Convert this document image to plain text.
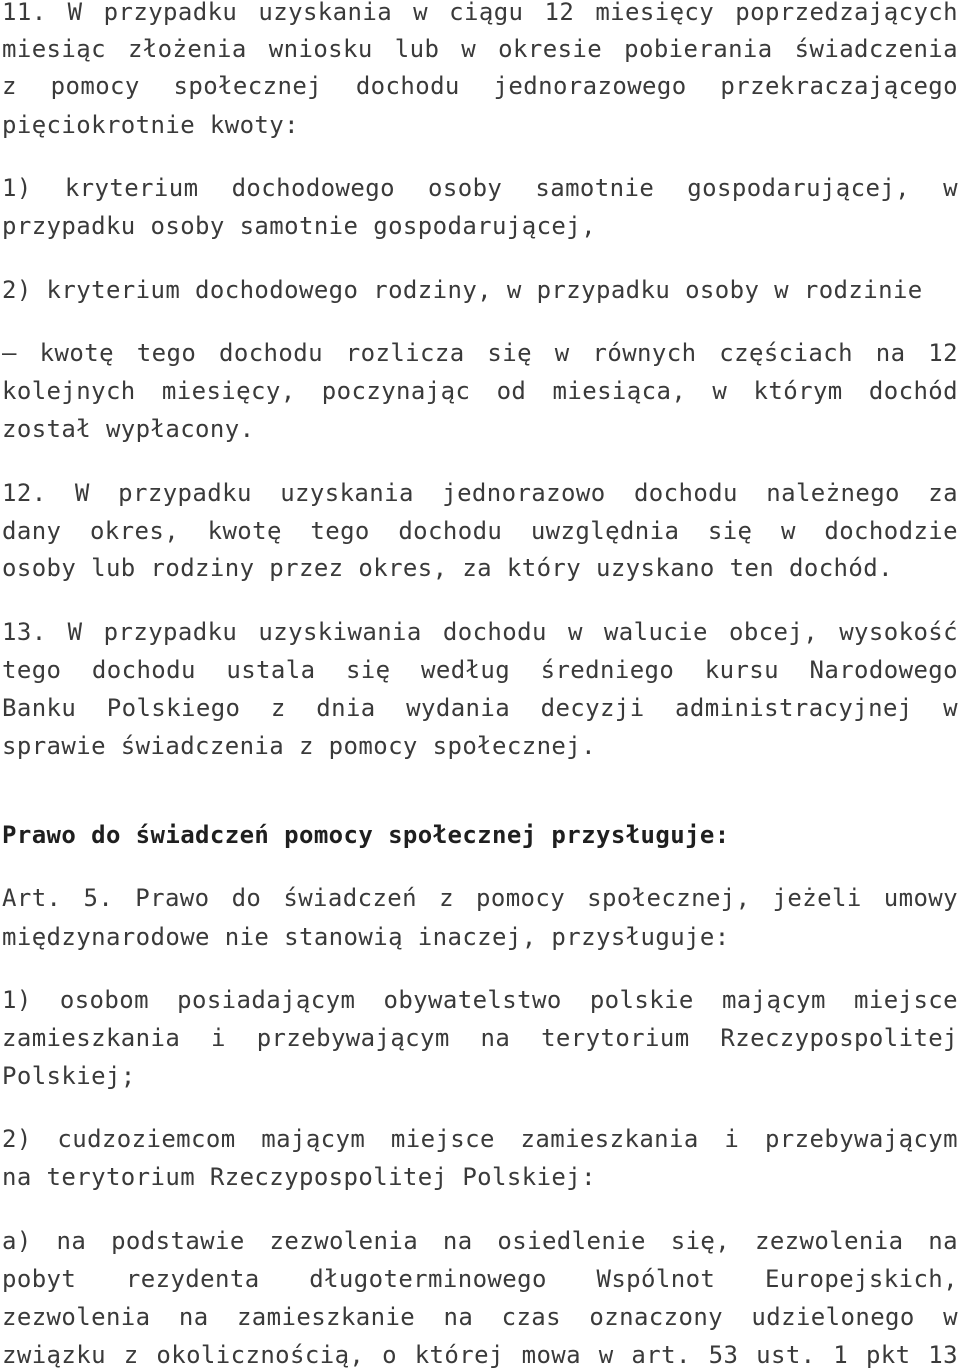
11. W przypadku uzyskania w ciągu 12 miesięcy poprzedzających
miesiąc złożenia wniosku lub w okresie pobierania świadczenia
z pomocy społecznej dochodu jednorazowego przekraczającego
pięciokrotnie kwoty:
1) kryterium dochodowego osoby samotnie gospodarującej, w
przypadku osoby samotnie gospodarującej,
2) kryterium dochodowego rodziny, w przypadku osoby w rodzinie
– kwotę tego dochodu rozlicza się w równych częściach na 12
kolejnych miesięcy, poczynając od miesiąca, w którym dochód
został wypłacony.
12. W przypadku uzyskania jednorazowo dochodu należnego za
dany okres, kwotę tego dochodu uwzględnia się w dochodzie
osoby lub rodziny przez okres, za który uzyskano ten dochód.
13. W przypadku uzyskiwania dochodu w walucie obcej, wysokość
tego dochodu ustala się według średniego kursu Narodowego
Banku Polskiego z dnia wydania decyzji administracyjnej w
sprawie świadczenia z pomocy społecznej.
Prawo do świadczeń pomocy społecznej przysługuje:
Art. 5. Prawo do świadczeń z pomocy społecznej, jeżeli umowy
międzynarodowe nie stanowią inaczej, przysługuje:
1) osobom posiadającym obywatelstwo polskie mającym miejsce
zamieszkania i przebywającym na terytorium Rzeczypospolitej
Polskiej;
2) cudzoziemcom mającym miejsce zamieszkania i przebywającym
na terytorium Rzeczypospolitej Polskiej:
a) na podstawie zezwolenia na osiedlenie się, zezwolenia na
pobyt rezydenta długoterminowego Wspólnot Europejskich,
zezwolenia na zamieszkanie na czas oznaczony udzielonego w
związku z okolicznością, o której mowa w art. 53 ust. 1 pkt 13
